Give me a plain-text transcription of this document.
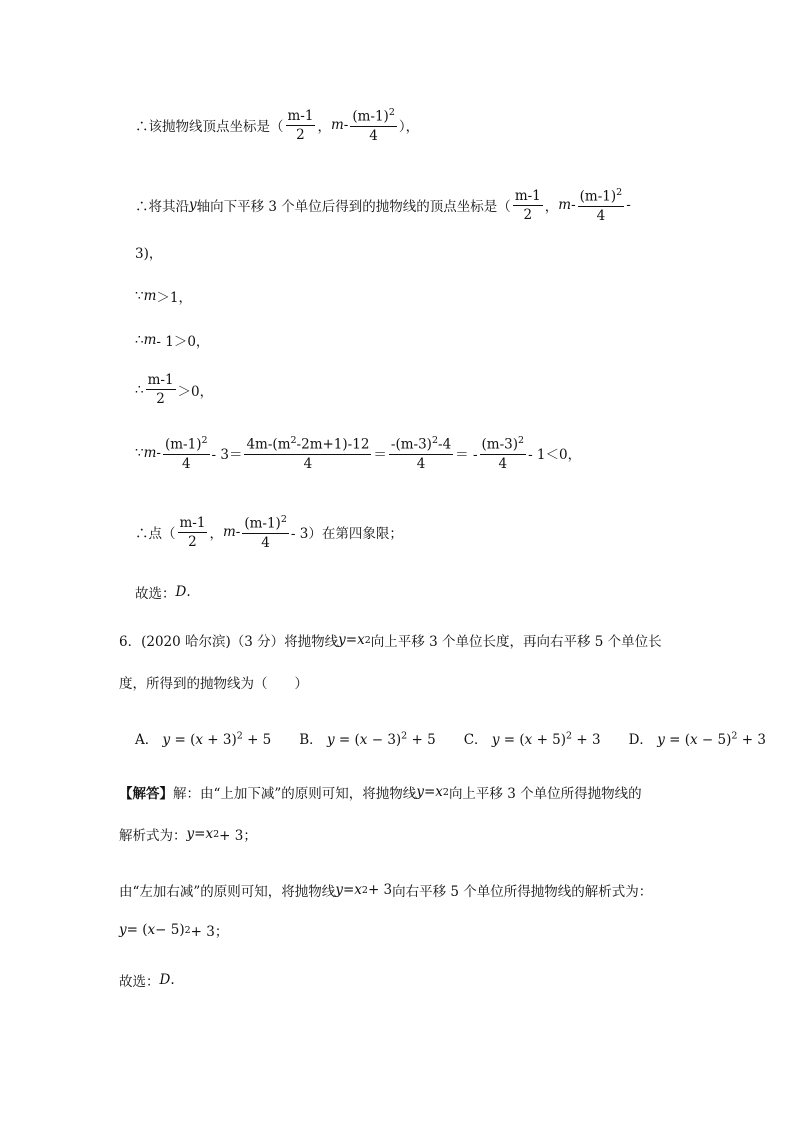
∴该抛物线顶点坐标是（ $\frac{m-1}{2}$ ， m - $\frac{(m-1)^2}{4}$ ），
∴将其沿 y 轴向下平移 3 个单位后得到的抛物线的顶点坐标是（ $\frac{m-1}{2}$ ， m - $\frac{(m-1)^2}{4}$ -
3)，
∵ m ＞1，
∴ m - 1＞0，
∴ $\frac{m-1}{2} >0$，
∵ $m - \frac{(m-1)^2}{4} - 3= \frac{4m-(m^2-2m+1)-12}{4} = \frac{-(m-3)^2-4}{4}$ ＝ - $\frac{(m-3)^2}{4} - 1<0$，
∴点（ $\frac{m-1}{2}$ ， m - $\frac{(m-1)^2}{4} - 3$）在第四象限；
故选： D .
6．(2020 哈尔滨)（3 分）将抛物线 y = x 2 向上平移 3 个单位长度，再向右平移 5 个单位长
度，所得到的抛物线为（　　）
A． $y = (x + 3)^2 + 5$ B． $y = (x - 3)^2 + 5$ C． $y = (x + 5)^2 + 3$ D． $y = (x - 5)^2 + 3$
【解答】 解：由“上加下减”的原则可知，将抛物线 y = x 2 向上平移 3 个单位所得抛物线的
解析式为： y = x 2 + 3；
由“左加右减”的原则可知，将抛物线 y = x 2 + 3 向右平移 5 个单位所得抛物线的解析式为：
y = ( x − 5) 2 + 3；
故选： D .
